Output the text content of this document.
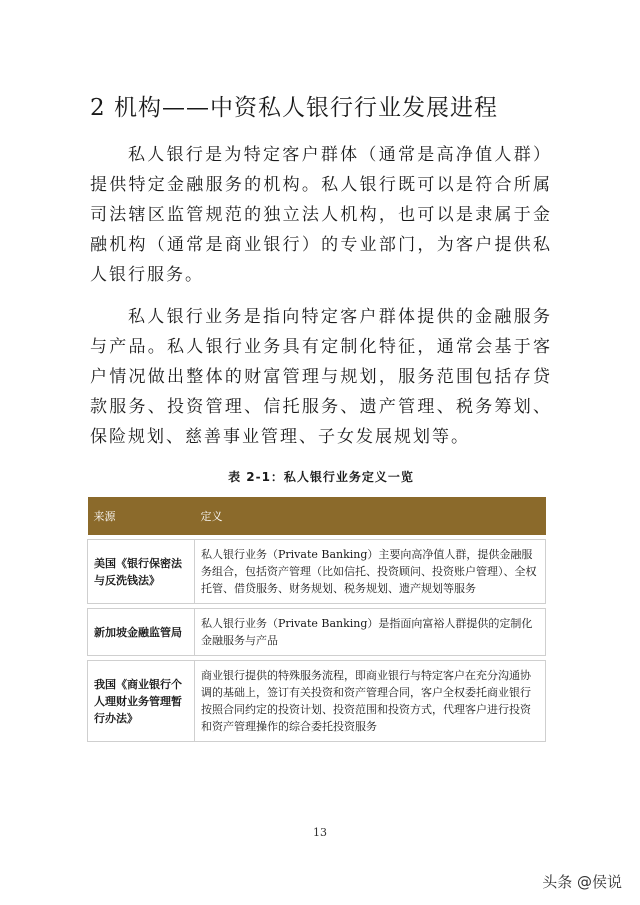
2 机构——中资私人银行行业发展进程
私人银行是为特定客户群体（通常是高净值人群）提供特定金融服务的机构。私人银行既可以是符合所属司法辖区监管规范的独立法人机构，也可以是隶属于金融机构（通常是商业银行）的专业部门，为客户提供私人银行服务。
私人银行业务是指向特定客户群体提供的金融服务与产品。私人银行业务具有定制化特征，通常会基于客户情况做出整体的财富管理与规划，服务范围包括存贷款服务、投资管理、信托服务、遗产管理、税务筹划、保险规划、慈善事业管理、子女发展规划等。
表 2-1：私人银行业务定义一览
来源	定义

美国《银行保密法与反洗钱法》	私人银行业务（Private Banking）主要向高净值人群，提供金融服务组合，包括资产管理（比如信托、投资顾问、投资账户管理）、全权托管、借贷服务、财务规划、税务规划、遗产规划等服务

新加坡金融监管局	私人银行业务（Private Banking）是指面向富裕人群提供的定制化金融服务与产品

我国《商业银行个人理财业务管理暂行办法》	商业银行提供的特殊服务流程，即商业银行与特定客户在充分沟通协调的基础上，签订有关投资和资产管理合同，客户全权委托商业银行按照合同约定的投资计划、投资范围和投资方式，代理客户进行投资和资产管理操作的综合委托投资服务
13
头条 @侯说
